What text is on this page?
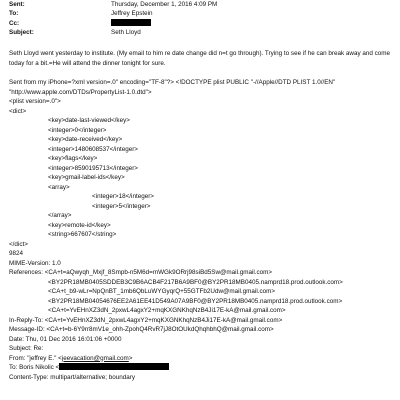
Sent:	Thursday, December 1, 2016 4:09 PM
To:	Jeffrey Epstein
Cc:
Subject:	Seth Lloyd
Seth Lloyd went yesterday to institute. (My email to him re date change did n=t go through). Trying to see if he can break away and come today for a bit.=He will attend the dinner tonight for sure.
Sent from my iPhone=?xml version=.0" encoding="TF-8"?> <!DOCTYPE plist PUBLIC "-//Apple//DTD PLIST 1.0//EN" "http://www.apple.com/DTDs/PropertyList-1.0.dtd">
<plist version=.0">
<dict>
<key>date-last-viewed</key>
<integer>0</integer>
<key>date-received</key>
<integer>1480608537</integer>
<key>flags</key>
<integer>8590195713</integer>
<key>gmail-label-ids</key>
<array>
<integer>18</integer>
<integer>5</integer>
</array>
<key>remote-id</key>
<string>667607</string>
</dict>
9824
MIME-Version: 1.0
References: <CA+t=aQwyqh_Mxjf_8Smpb-n5M6d=mWGk9ORrj98siBd5Sw@mail.gmail.com>
<BY2PR18MB0405SDDEB3C9B6ACB4F217B6A9BF0@BY2PR18MB0405.namprd18.prod.outlook.com>
<CA+t_b9-wLr=NpQnBT_1mb6QbLuWYGyqrQ+55GTFb2Udw@mail.gmail.com>
<BY2PR18MB04054676EE2A61EE41D549A07A9BF0@BY2PR18MB0405.namprd18.prod.outlook.com>
<CA+t=YvEHnXZ3dN_2pxwL4agxY2+mqKXGNKhqNzB4Ji17E-kA@mail.gmail.com>
In-Reply-To: <CA+t=YvEHnXZ3dN_2pxwL4agxY2+mqKXGNKhqNzB4Ji17E-kA@mail.gmail.com>
Message-ID: <CA+t=b-6Y9rr8mV1e_ohh-ZpohQ4RvR7jJ8OtOUkdQhqhbhQ@mail.gmail.com>
Date: Thu, 01 Dec 2016 16:01:06 +0000
Subject: Re:
From: "jeffrey E." <jeevacation@gmail.com>
To: Boris Nikolic <
Content-Type: multipart/alternative; boundary
